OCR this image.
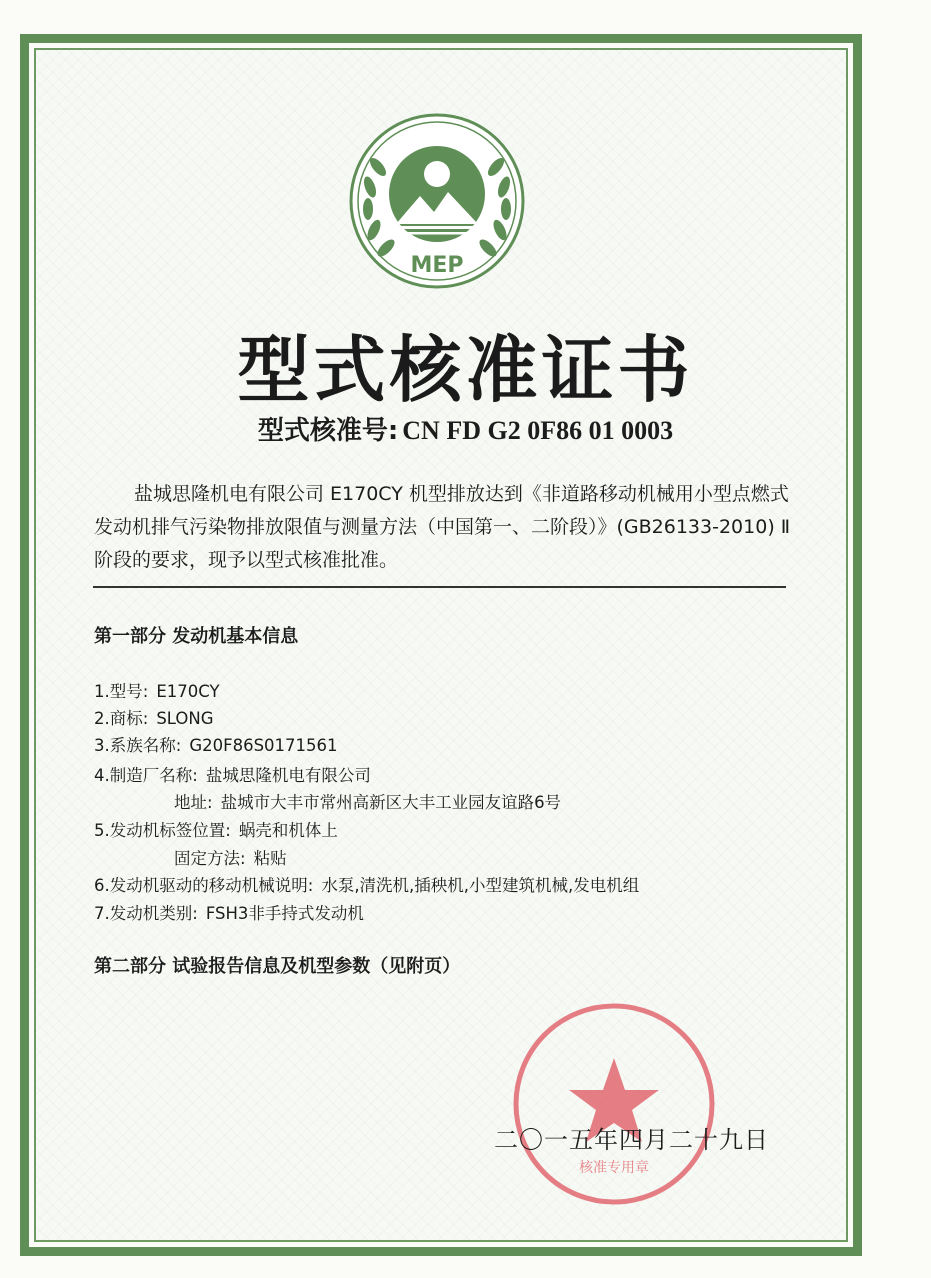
MEP
型式核准证书
型式核准号: CN FD G2 0F86 01 0003
盐城思隆机电有限公司 E170CY 机型排放达到《非道路移动机械用小型点燃式发动机排气污染物排放限值与测量方法（中国第一、二阶段）》(GB26133-2010) Ⅱ 阶段的要求，现予以型式核准批准。
第一部分 发动机基本信息
1.型号: E170CY
2.商标: SLONG
3.系族名称: G20F86S0171561
4.制造厂名称: 盐城思隆机电有限公司
地址: 盐城市大丰市常州高新区大丰工业园友谊路6号
5.发动机标签位置: 蜗壳和机体上
固定方法: 粘贴
6.发动机驱动的移动机械说明: 水泵,清洗机,插秧机,小型建筑机械,发电机组
7.发动机类别: FSH3非手持式发动机
第二部分 试验报告信息及机型参数（见附页）
核准专用章
二〇一五年四月二十九日
